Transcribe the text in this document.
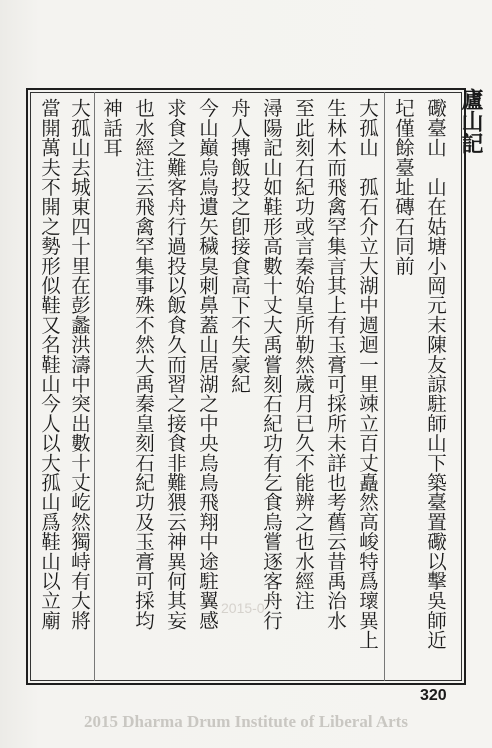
廬山記
礮臺山　山在姑塘小岡元末陳友諒駐師山下築臺置礮以擊吳師近
圮僅餘臺址磚石同前
大孤山　孤石介立大湖中週迴一里竦立百丈矗然高峻特爲瓌異上
生林木而飛禽罕集言其上有玉膏可採所未詳也考舊云昔禹治水
至此刻石紀功或言秦始皇所勒然歲月已久不能辨之也水經注
潯陽記山如鞋形高數十丈大禹嘗刻石紀功有乞食烏嘗逐客舟行
舟人摶飯投之卽接食高下不失豪紀
今山巔烏鳥遺矢穢臭刺鼻蓋山居湖之中央烏鳥飛翔中途駐翼感
求食之難客舟行過投以飯食久而習之接食非難猥云神異何其妄
也水經注云飛禽罕集事殊不然大禹秦皇刻石紀功及玉膏可採均
神話耳
大孤山去城東四十里在彭蠡洪濤中突出數十丈屹然獨峙有大將
當開萬夫不開之勢形似鞋又名鞋山今人以大孤山爲鞋山以立廟	2015-0
320
2015 Dharma Drum Institute of Liberal Arts
